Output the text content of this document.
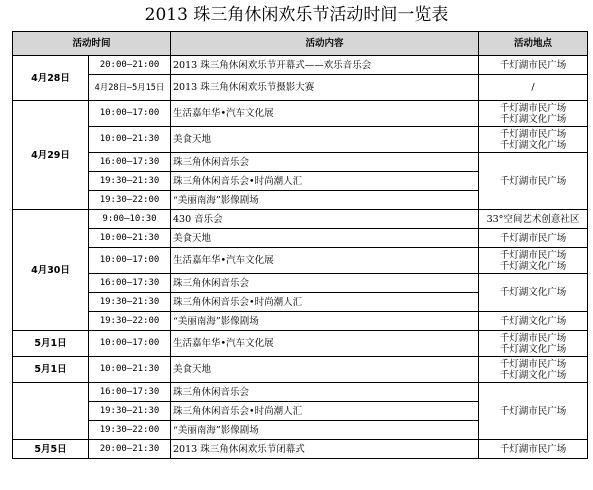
2013 珠三角休闲欢乐节活动时间一览表
活动时间		活动内容	活动地点
4月28日	20:00—21:00	2013 珠三角休闲欢乐节开幕式——欢乐音乐会	千灯湖市民广场
	4月28日—5月15日	2013 珠三角休闲欢乐节摄影大赛	/
4月29日	10:00—17:00	生活嘉年华•汽车文化展	千灯湖市民广场
千灯湖文化广场
	10:00—21:30	美食天地	千灯湖市民广场
千灯湖文化广场
	16:00—17:30	珠三角休闲音乐会	千灯湖市民广场
	19:30—21:30	珠三角休闲音乐会•时尚潮人汇	
	19:30—22:00	“美丽南海”影像剧场	
4月30日	9:00—10:30	430 音乐会	33°空间艺术创意社区
	10:00—21:30	美食天地	千灯湖市民广场
	10:00—17:00	生活嘉年华•汽车文化展	千灯湖市民广场
千灯湖文化广场
	16:00—17:30	珠三角休闲音乐会	千灯湖文化广场
	19:30—21:30	珠三角休闲音乐会•时尚潮人汇	
	19:30—22:00	“美丽南海”影像剧场	千灯湖文化广场
5月1日	10:00—17:00	生活嘉年华•汽车文化展	千灯湖市民广场
千灯湖文化广场
5月1日	10:00—21:30	美食天地	千灯湖市民广场
千灯湖文化广场
	16:00—17:30	珠三角休闲音乐会	千灯湖市民广场
	19:30—21:30	珠三角休闲音乐会•时尚潮人汇	
	19:30—22:00	“美丽南海”影像剧场	
5月5日	20:00—21:30	2013 珠三角休闲欢乐节闭幕式	千灯湖市民广场
